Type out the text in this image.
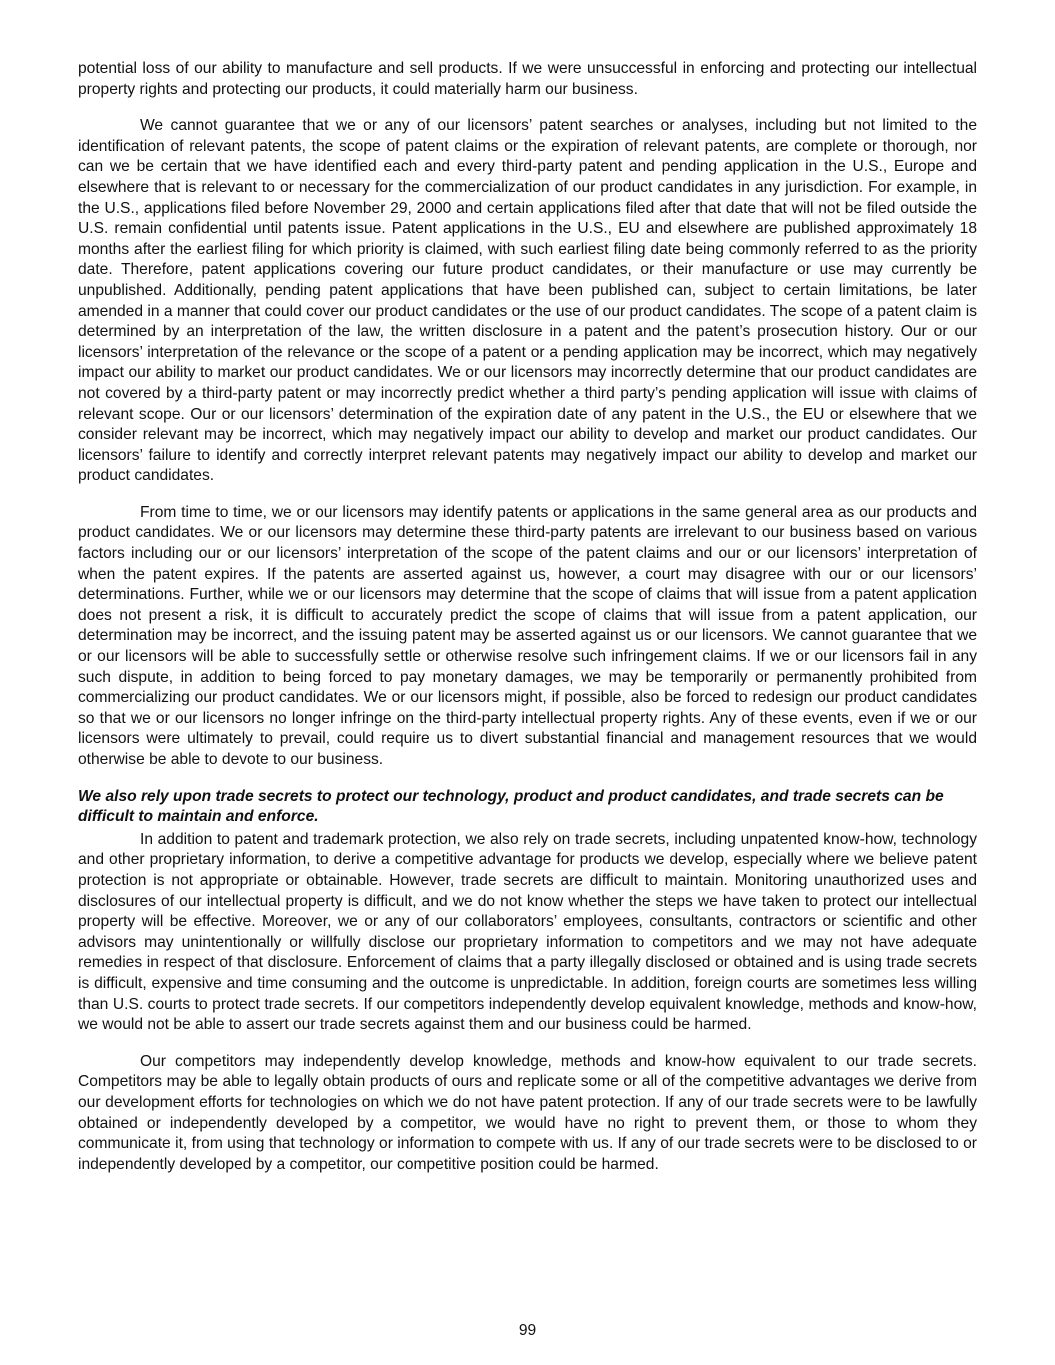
potential loss of our ability to manufacture and sell products. If we were unsuccessful in enforcing and protecting our intellectual property rights and protecting our products, it could materially harm our business.

We cannot guarantee that we or any of our licensors’ patent searches or analyses, including but not limited to the identification of relevant patents, the scope of patent claims or the expiration of relevant patents, are complete or thorough, nor can we be certain that we have identified each and every third-party patent and pending application in the U.S., Europe and elsewhere that is relevant to or necessary for the commercialization of our product candidates in any jurisdiction. For example, in the U.S., applications filed before November 29, 2000 and certain applications filed after that date that will not be filed outside the U.S. remain confidential until patents issue. Patent applications in the U.S., EU and elsewhere are published approximately 18 months after the earliest filing for which priority is claimed, with such earliest filing date being commonly referred to as the priority date. Therefore, patent applications covering our future product candidates, or their manufacture or use may currently be unpublished. Additionally, pending patent applications that have been published can, subject to certain limitations, be later amended in a manner that could cover our product candidates or the use of our product candidates. The scope of a patent claim is determined by an interpretation of the law, the written disclosure in a patent and the patent’s prosecution history. Our or our licensors’ interpretation of the relevance or the scope of a patent or a pending application may be incorrect, which may negatively impact our ability to market our product candidates. We or our licensors may incorrectly determine that our product candidates are not covered by a third-party patent or may incorrectly predict whether a third party’s pending application will issue with claims of relevant scope. Our or our licensors’ determination of the expiration date of any patent in the U.S., the EU or elsewhere that we consider relevant may be incorrect, which may negatively impact our ability to develop and market our product candidates. Our licensors’ failure to identify and correctly interpret relevant patents may negatively impact our ability to develop and market our product candidates.

From time to time, we or our licensors may identify patents or applications in the same general area as our products and product candidates. We or our licensors may determine these third-party patents are irrelevant to our business based on various factors including our or our licensors’ interpretation of the scope of the patent claims and our or our licensors’ interpretation of when the patent expires. If the patents are asserted against us, however, a court may disagree with our or our licensors’ determinations. Further, while we or our licensors may determine that the scope of claims that will issue from a patent application does not present a risk, it is difficult to accurately predict the scope of claims that will issue from a patent application, our determination may be incorrect, and the issuing patent may be asserted against us or our licensors. We cannot guarantee that we or our licensors will be able to successfully settle or otherwise resolve such infringement claims. If we or our licensors fail in any such dispute, in addition to being forced to pay monetary damages, we may be temporarily or permanently prohibited from commercializing our product candidates. We or our licensors might, if possible, also be forced to redesign our product candidates so that we or our licensors no longer infringe on the third-party intellectual property rights. Any of these events, even if we or our licensors were ultimately to prevail, could require us to divert substantial financial and management resources that we would otherwise be able to devote to our business.

We also rely upon trade secrets to protect our technology, product and product candidates, and trade secrets can be difficult to maintain and enforce.

In addition to patent and trademark protection, we also rely on trade secrets, including unpatented know-how, technology and other proprietary information, to derive a competitive advantage for products we develop, especially where we believe patent protection is not appropriate or obtainable. However, trade secrets are difficult to maintain. Monitoring unauthorized uses and disclosures of our intellectual property is difficult, and we do not know whether the steps we have taken to protect our intellectual property will be effective. Moreover, we or any of our collaborators’ employees, consultants, contractors or scientific and other advisors may unintentionally or willfully disclose our proprietary information to competitors and we may not have adequate remedies in respect of that disclosure. Enforcement of claims that a party illegally disclosed or obtained and is using trade secrets is difficult, expensive and time consuming and the outcome is unpredictable. In addition, foreign courts are sometimes less willing than U.S. courts to protect trade secrets. If our competitors independently develop equivalent knowledge, methods and know-how, we would not be able to assert our trade secrets against them and our business could be harmed.

Our competitors may independently develop knowledge, methods and know-how equivalent to our trade secrets. Competitors may be able to legally obtain products of ours and replicate some or all of the competitive advantages we derive from our development efforts for technologies on which we do not have patent protection. If any of our trade secrets were to be lawfully obtained or independently developed by a competitor, we would have no right to prevent them, or those to whom they communicate it, from using that technology or information to compete with us. If any of our trade secrets were to be disclosed to or independently developed by a competitor, our competitive position could be harmed.

99
